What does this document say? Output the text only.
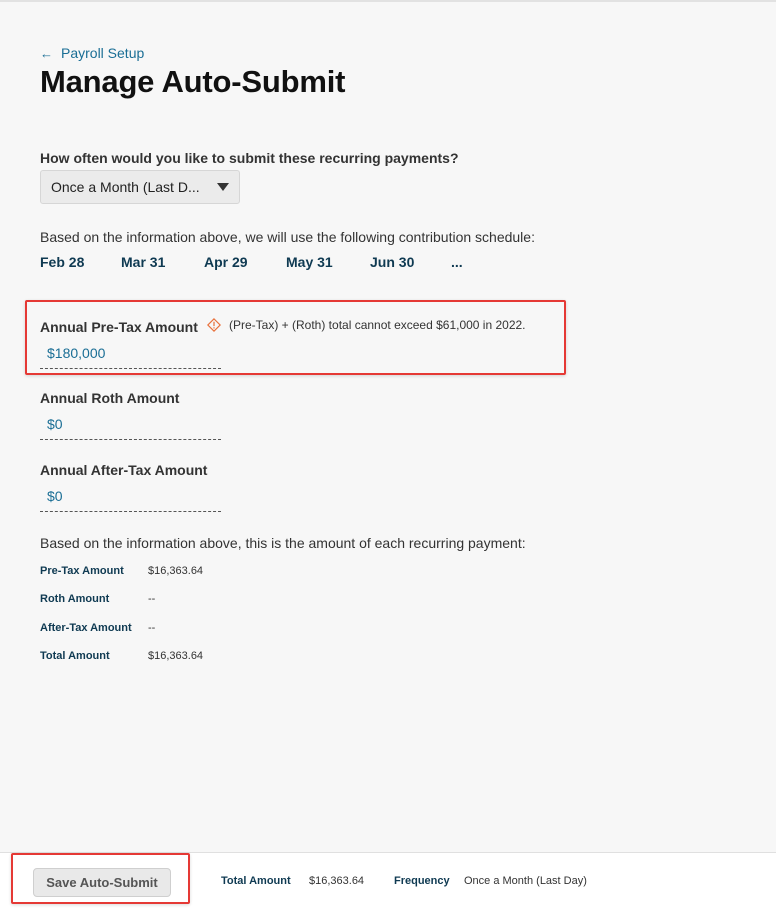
← Payroll Setup
Manage Auto-Submit
How often would you like to submit these recurring payments?
Once a Month (Last D...
Based on the information above, we will use the following contribution schedule:
Feb 28	Mar 31	Apr 29	May 31	Jun 30	...
Annual Pre-Tax Amount	(Pre-Tax) + (Roth) total cannot exceed $61,000 in 2022.
$180,000
Annual Roth Amount
$0
Annual After-Tax Amount
$0
Based on the information above, this is the amount of each recurring payment:
Pre-Tax Amount	$16,363.64
Roth Amount	--
After-Tax Amount	--
Total Amount	$16,363.64
Save Auto-Submit	Total Amount $16,363.64	Frequency Once a Month (Last Day)
